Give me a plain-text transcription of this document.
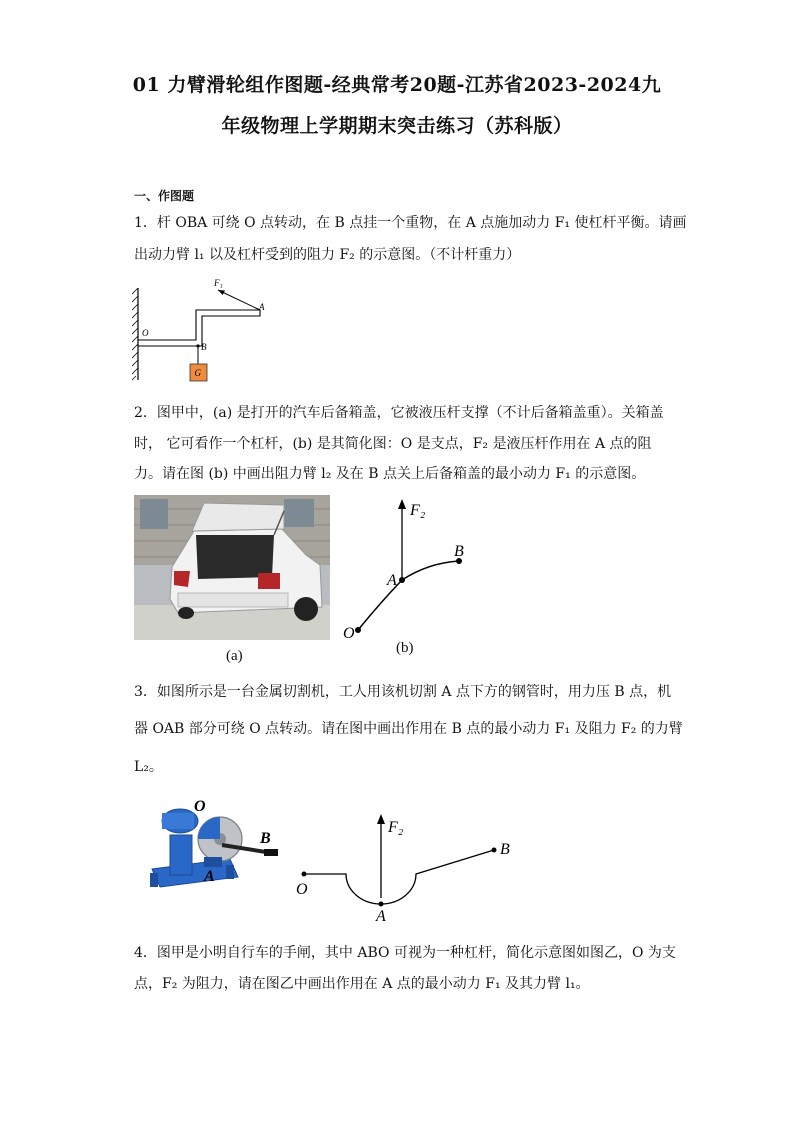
01 力臂滑轮组作图题-经典常考20题-江苏省2023-2024九
年级物理上学期期末突击练习（苏科版）
一、作图题
1．杆 OBA 可绕 O 点转动，在 B 点挂一个重物，在 A 点施加动力 F₁ 使杠杆平衡。请画
出动力臂 l₁ 以及杠杆受到的阻力 F₂ 的示意图。（不计杆重力）
F₁
A
O
B
G
2．图甲中，(a) 是打开的汽车后备箱盖，它被液压杆支撑（不计后备箱盖重）。关箱盖
时， 它可看作一个杠杆，(b) 是其简化图：O 是支点，F₂ 是液压杆作用在 A 点的阻
力。请在图 (b) 中画出阻力臂 l₂ 及在 B 点关上后备箱盖的最小动力 F₁ 的示意图。
(a)
F₂
B
A
O
(b)
3．如图所示是一台金属切割机，工人用该机切割 A 点下方的钢管时，用力压 B 点，机
器 OAB 部分可绕 O 点转动。请在图中画出作用在 B 点的最小动力 F₁ 及阻力 F₂ 的力臂
L₂。
O
B
A
F₂
B
O
A
4．图甲是小明自行车的手闸，其中 ABO 可视为一种杠杆，简化示意图如图乙，O 为支
点，F₂ 为阻力，请在图乙中画出作用在 A 点的最小动力 F₁ 及其力臂 l₁。
